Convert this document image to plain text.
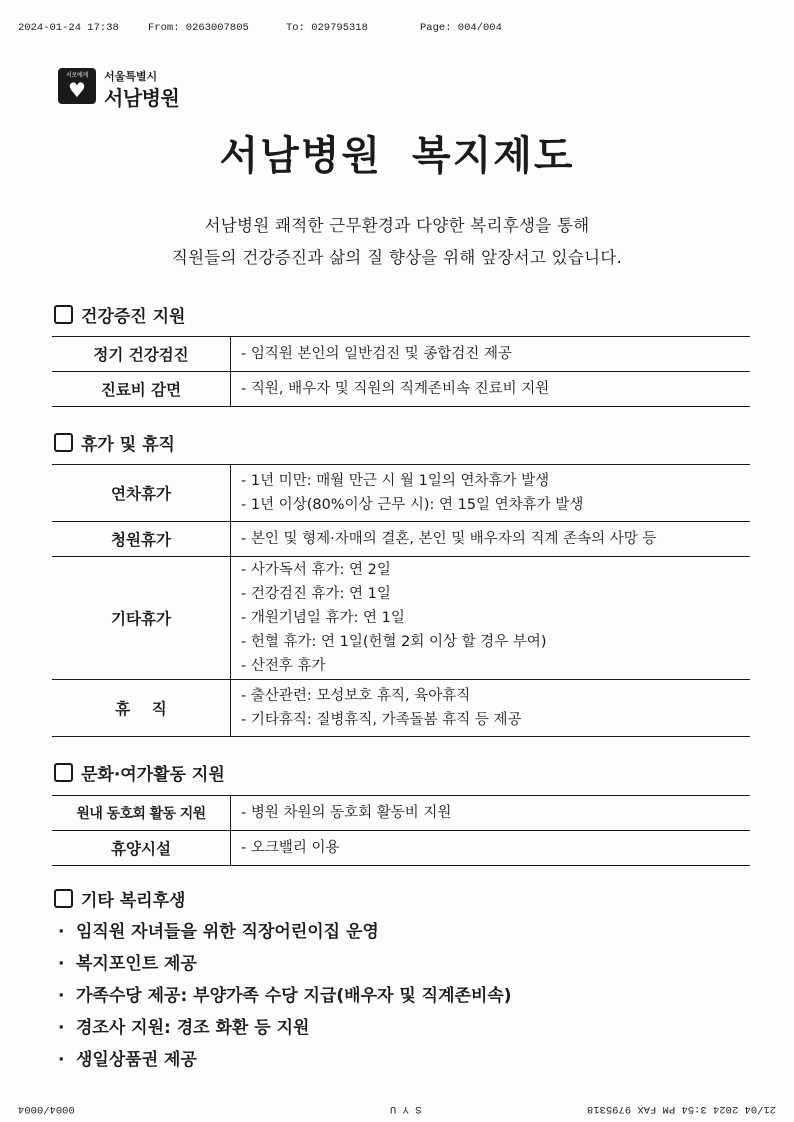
2024-01-24 17:38	From: 0263007805	To: 029795318	Page: 004/004
서로에게
♥
서울특별시
서남병원
서남병원 복지제도
서남병원 쾌적한 근무환경과 다양한 복리후생을 통해
직원들의 건강증진과 삶의 질 향상을 위해 앞장서고 있습니다.
건강증진 지원
정기 건강검진	- 임직원 본인의 일반검진 및 종합검진 제공

진료비 감면	- 직원, 배우자 및 직원의 직계존비속 진료비 지원
휴가 및 휴직
연차휴가	- 1년 미만: 매월 만근 시 월 1일의 연차휴가 발생
- 1년 이상(80%이상 근무 시): 연 15일 연차휴가 발생

청원휴가	- 본인 및 형제·자매의 결혼, 본인 및 배우자의 직계 존속의 사망 등

기타휴가	- 사가독서 휴가: 연 2일
- 건강검진 휴가: 연 1일
- 개원기념일 휴가: 연 1일
- 헌혈 휴가: 연 1일(헌혈 2회 이상 할 경우 부여)
- 산전후 휴가

휴    직	- 출산관련: 모성보호 휴직, 육아휴직
- 기타휴직: 질병휴직, 가족돌봄 휴직 등 제공
문화·여가활동 지원
원내 동호회 활동 지원	- 병원 차원의 동호회 활동비 지원

휴양시설	- 오크밸리 이용
기타 복리후생
· 임직원 자녀들을 위한 직장어린이집 운영
· 복지포인트 제공
· 가족수당 제공: 부양가족 수당 지급(배우자 및 직계존비속)
· 경조사 지원: 경조 화환 등 지원
· 생일상품권 제공
0004/0004	S Y U	21/04 2024 3:54 PM FAX 9795318
